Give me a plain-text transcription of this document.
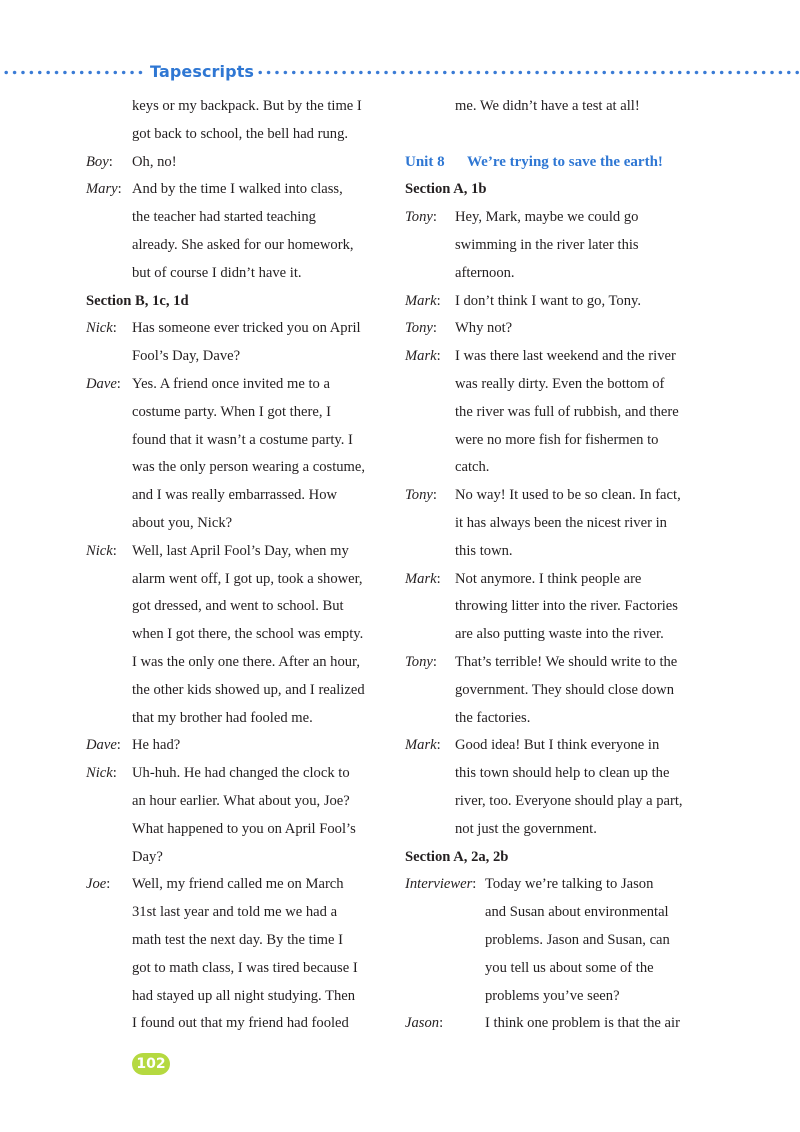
Tapescripts
keys or my backpack. But by the time I
got back to school, the bell had rung.
Boy: Oh, no!
Mary: And by the time I walked into class,
the teacher had started teaching
already. She asked for our homework,
but of course I didn’t have it.
Section B, 1c, 1d
Nick: Has someone ever tricked you on April
Fool’s Day, Dave?
Dave: Yes. A friend once invited me to a
costume party. When I got there, I
found that it wasn’t a costume party. I
was the only person wearing a costume,
and I was really embarrassed. How
about you, Nick?
Nick: Well, last April Fool’s Day, when my
alarm went off, I got up, took a shower,
got dressed, and went to school. But
when I got there, the school was empty.
I was the only one there. After an hour,
the other kids showed up, and I realized
that my brother had fooled me.
Dave: He had?
Nick: Uh-huh. He had changed the clock to
an hour earlier. What about you, Joe?
What happened to you on April Fool’s
Day?
Joe: Well, my friend called me on March
31st last year and told me we had a
math test the next day. By the time I
got to math class, I was tired because I
had stayed up all night studying. Then
I found out that my friend had fooled
me. We didn’t have a test at all!
Unit 8 We’re trying to save the earth!
Section A, 1b
Tony: Hey, Mark, maybe we could go
swimming in the river later this
afternoon.
Mark: I don’t think I want to go, Tony.
Tony: Why not?
Mark: I was there last weekend and the river
was really dirty. Even the bottom of
the river was full of rubbish, and there
were no more fish for fishermen to
catch.
Tony: No way! It used to be so clean. In fact,
it has always been the nicest river in
this town.
Mark: Not anymore. I think people are
throwing litter into the river. Factories
are also putting waste into the river.
Tony: That’s terrible! We should write to the
government. They should close down
the factories.
Mark: Good idea! But I think everyone in
this town should help to clean up the
river, too. Everyone should play a part,
not just the government.
Section A, 2a, 2b
Interviewer: Today we’re talking to Jason
and Susan about environmental
problems. Jason and Susan, can
you tell us about some of the
problems you’ve seen?
Jason:	I think one problem is that the air
102
